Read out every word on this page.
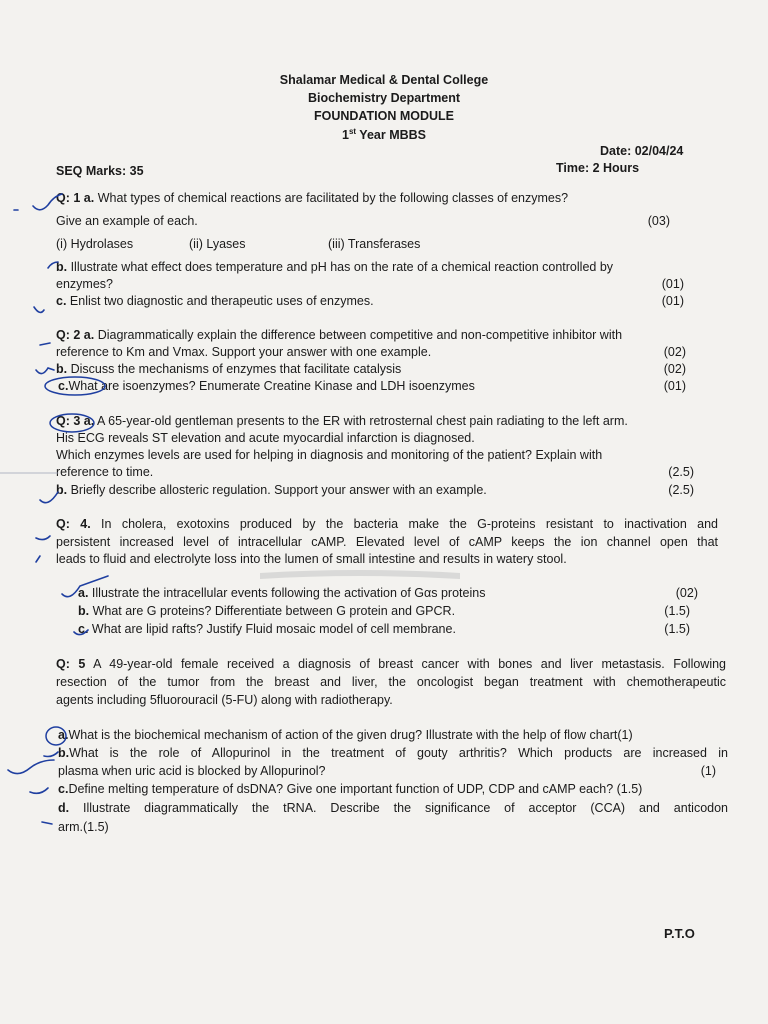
Shalamar Medical & Dental College
Biochemistry Department
FOUNDATION MODULE
1st Year MBBS
Date: 02/04/24
SEQ Marks: 35	Time: 2 Hours
Q: 1 a. What types of chemical reactions are facilitated by the following classes of enzymes?
Give an example of each.	(03)
(i) Hydrolases	(ii) Lyases	(iii) Transferases
b. Illustrate what effect does temperature and pH has on the rate of a chemical reaction controlled by
enzymes?	(01)
c. Enlist two diagnostic and therapeutic uses of enzymes.	(01)
Q: 2 a. Diagrammatically explain the difference between competitive and non-competitive inhibitor with
reference to Km and Vmax. Support your answer with one example.	(02)
b. Discuss the mechanisms of enzymes that facilitate catalysis	(02)
c.What are isoenzymes? Enumerate Creatine Kinase and LDH isoenzymes	(01)
Q: 3 a. A 65-year-old gentleman presents to the ER with retrosternal chest pain radiating to the left arm.
His ECG reveals ST elevation and acute myocardial infarction is diagnosed.
Which enzymes levels are used for helping in diagnosis and monitoring of the patient? Explain with
reference to time.	(2.5)
b. Briefly describe allosteric regulation. Support your answer with an example.	(2.5)
Q: 4. In cholera, exotoxins produced by the bacteria make the G-proteins resistant to inactivation and
persistent increased level of intracellular cAMP. Elevated level of cAMP keeps the ion channel open that
leads to fluid and electrolyte loss into the lumen of small intestine and results in watery stool.
a. Illustrate the intracellular events following the activation of Gαs proteins	(02)
b. What are G proteins? Differentiate between G protein and GPCR.	(1.5)
c. What are lipid rafts? Justify Fluid mosaic model of cell membrane.	(1.5)
Q: 5 A 49-year-old female received a diagnosis of breast cancer with bones and liver metastasis. Following
resection of the tumor from the breast and liver, the oncologist began treatment with chemotherapeutic
agents including 5fluorouracil (5-FU) along with radiotherapy.
a.What is the biochemical mechanism of action of the given drug? Illustrate with the help of flow chart(1)
b.What is the role of Allopurinol in the treatment of gouty arthritis? Which products are increased in
plasma when uric acid is blocked by Allopurinol?	(1)
c.Define melting temperature of dsDNA? Give one important function of UDP, CDP and cAMP each? (1.5)
d. Illustrate diagrammatically the tRNA. Describe the significance of acceptor (CCA) and anticodon
arm.(1.5)
P.T.O
